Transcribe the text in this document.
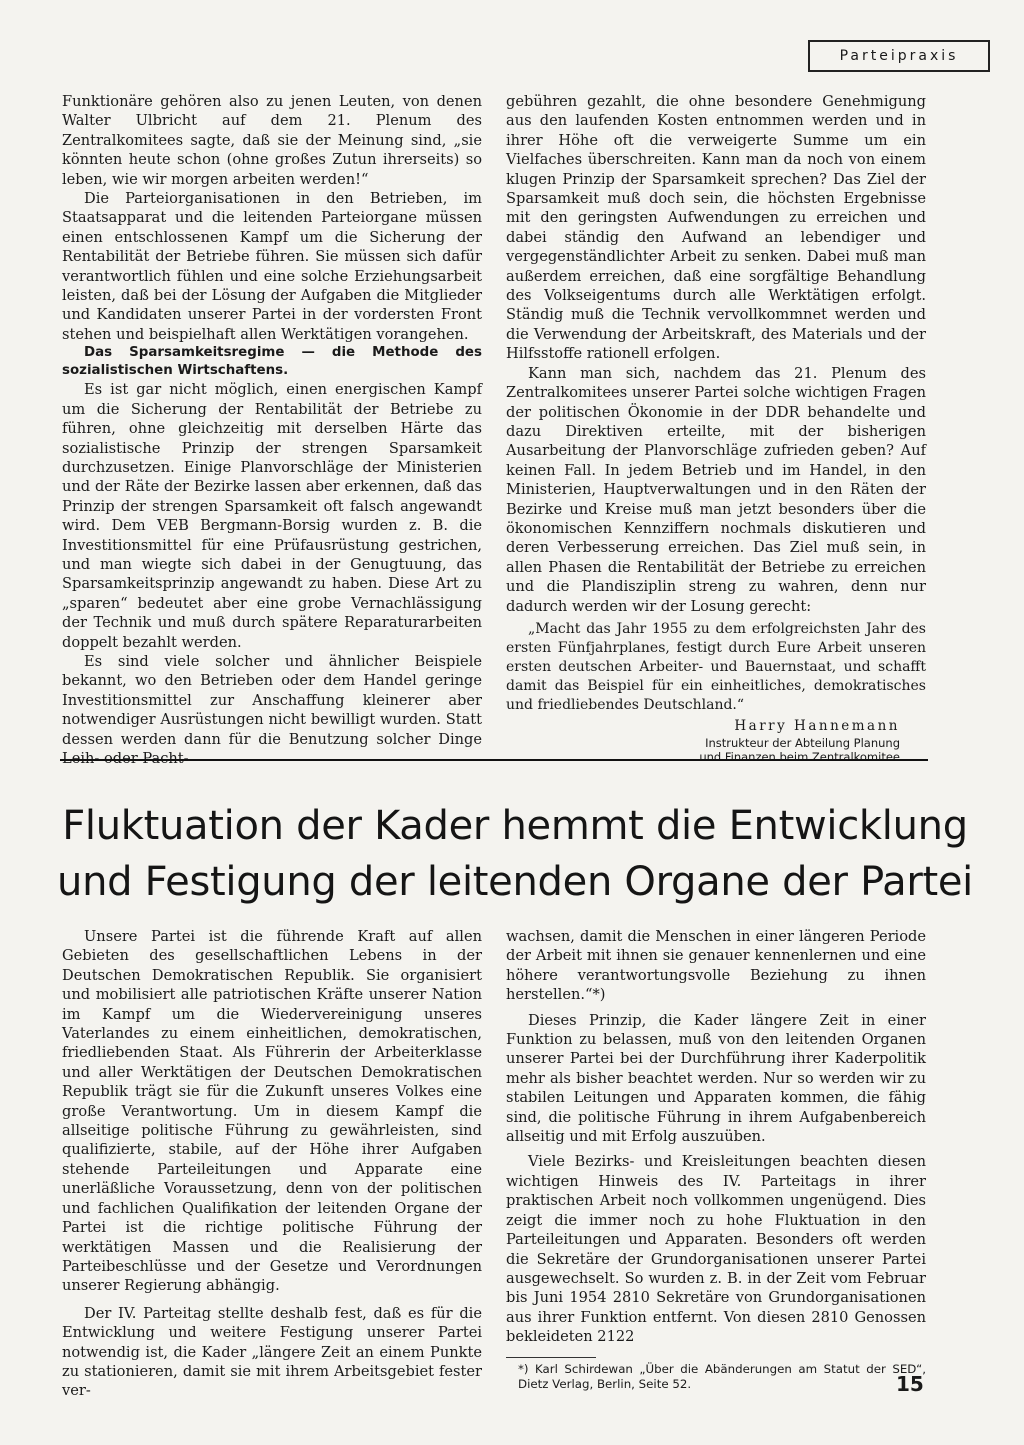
Parteipraxis

Funktionäre gehören also zu jenen Leuten, von denen Walter Ulbricht auf dem 21. Plenum des Zentralkomitees sagte, daß sie der Meinung sind, „sie könnten heute schon (ohne großes Zutun ihrerseits) so leben, wie wir morgen arbeiten werden!“

Die Parteiorganisationen in den Betrieben, im Staatsapparat und die leitenden Parteiorgane müssen einen entschlossenen Kampf um die Sicherung der Rentabilität der Betriebe führen. Sie müssen sich dafür verantwortlich fühlen und eine solche Erziehungsarbeit leisten, daß bei der Lösung der Aufgaben die Mitglieder und Kandidaten unserer Partei in der vordersten Front stehen und beispielhaft allen Werktätigen vorangehen.

Das Sparsamkeitsregime — die Methode des sozialistischen Wirtschaftens.

Es ist gar nicht möglich, einen energischen Kampf um die Sicherung der Rentabilität der Betriebe zu führen, ohne gleichzeitig mit derselben Härte das sozialistische Prinzip der strengen Sparsamkeit durchzusetzen. Einige Planvorschläge der Ministerien und der Räte der Bezirke lassen aber erkennen, daß das Prinzip der strengen Sparsamkeit oft falsch angewandt wird. Dem VEB Bergmann-Borsig wurden z. B. die Investitionsmittel für eine Prüfausrüstung gestrichen, und man wiegte sich dabei in der Genugtuung, das Sparsamkeitsprinzip angewandt zu haben. Diese Art zu „sparen“ bedeutet aber eine grobe Vernachlässigung der Technik und muß durch spätere Reparaturarbeiten doppelt bezahlt werden.

Es sind viele solcher und ähnlicher Beispiele bekannt, wo den Betrieben oder dem Handel geringe Investitionsmittel zur Anschaffung kleinerer aber notwendiger Ausrüstungen nicht bewilligt wurden. Statt dessen werden dann für die Benutzung solcher Dinge Leih- oder Pacht-

gebühren gezahlt, die ohne besondere Genehmigung aus den laufenden Kosten entnommen werden und in ihrer Höhe oft die verweigerte Summe um ein Vielfaches überschreiten. Kann man da noch von einem klugen Prinzip der Sparsamkeit sprechen? Das Ziel der Sparsamkeit muß doch sein, die höchsten Ergebnisse mit den geringsten Aufwendungen zu erreichen und dabei ständig den Aufwand an lebendiger und vergegenständlichter Arbeit zu senken. Dabei muß man außerdem erreichen, daß eine sorgfältige Behandlung des Volkseigentums durch alle Werktätigen erfolgt. Ständig muß die Technik vervollkommnet werden und die Verwendung der Arbeitskraft, des Materials und der Hilfsstoffe rationell erfolgen.

Kann man sich, nachdem das 21. Plenum des Zentralkomitees unserer Partei solche wichtigen Fragen der politischen Ökonomie in der DDR behandelte und dazu Direktiven erteilte, mit der bisherigen Ausarbeitung der Planvorschläge zufrieden geben? Auf keinen Fall. In jedem Betrieb und im Handel, in den Ministerien, Hauptverwaltungen und in den Räten der Bezirke und Kreise muß man jetzt besonders über die ökonomischen Kennziffern nochmals diskutieren und deren Verbesserung erreichen. Das Ziel muß sein, in allen Phasen die Rentabilität der Betriebe zu erreichen und die Plandisziplin streng zu wahren, denn nur dadurch werden wir der Losung gerecht:

„Macht das Jahr 1955 zu dem erfolgreichsten Jahr des ersten Fünfjahrplanes, festigt durch Eure Arbeit unseren ersten deutschen Arbeiter- und Bauernstaat, und schafft damit das Beispiel für ein einheitliches, demokratisches und friedliebendes Deutschland.“

Harry Hannemann
Instrukteur der Abteilung Planung
und Finanzen beim Zentralkomitee
Fluktuation der Kader hemmt die Entwicklung
und Festigung der leitenden Organe der Partei

Unsere Partei ist die führende Kraft auf allen Gebieten des gesellschaftlichen Lebens in der Deutschen Demokratischen Republik. Sie organisiert und mobilisiert alle patriotischen Kräfte unserer Nation im Kampf um die Wiedervereinigung unseres Vaterlandes zu einem einheitlichen, demokratischen, friedliebenden Staat. Als Führerin der Arbeiterklasse und aller Werktätigen der Deutschen Demokratischen Republik trägt sie für die Zukunft unseres Volkes eine große Verantwortung. Um in diesem Kampf die allseitige politische Führung zu gewährleisten, sind qualifizierte, stabile, auf der Höhe ihrer Aufgaben stehende Parteileitungen und Apparate eine unerläßliche Voraussetzung, denn von der politischen und fachlichen Qualifikation der leitenden Organe der Partei ist die richtige politische Führung der werktätigen Massen und die Realisierung der Parteibeschlüsse und der Gesetze und Verordnungen unserer Regierung abhängig.

Der IV. Parteitag stellte deshalb fest, daß es für die Entwicklung und weitere Festigung unserer Partei notwendig ist, die Kader „längere Zeit an einem Punkte zu stationieren, damit sie mit ihrem Arbeitsgebiet fester ver-

wachsen, damit die Menschen in einer längeren Periode der Arbeit mit ihnen sie genauer kennenlernen und eine höhere verantwortungsvolle Beziehung zu ihnen herstellen.“*)

Dieses Prinzip, die Kader längere Zeit in einer Funktion zu belassen, muß von den leitenden Organen unserer Partei bei der Durchführung ihrer Kaderpolitik mehr als bisher beachtet werden. Nur so werden wir zu stabilen Leitungen und Apparaten kommen, die fähig sind, die politische Führung in ihrem Aufgabenbereich allseitig und mit Erfolg auszuüben.

Viele Bezirks- und Kreisleitungen beachten diesen wichtigen Hinweis des IV. Parteitags in ihrer praktischen Arbeit noch vollkommen ungenügend. Dies zeigt die immer noch zu hohe Fluktuation in den Parteileitungen und Apparaten. Besonders oft werden die Sekretäre der Grundorganisationen unserer Partei ausgewechselt. So wurden z. B. in der Zeit vom Februar bis Juni 1954 2810 Sekretäre von Grundorganisationen aus ihrer Funktion entfernt. Von diesen 2810 Genossen bekleideten 2122

*) Karl Schirdewan „Über die Abänderungen am Statut der SED“, Dietz Verlag, Berlin, Seite 52.	15
